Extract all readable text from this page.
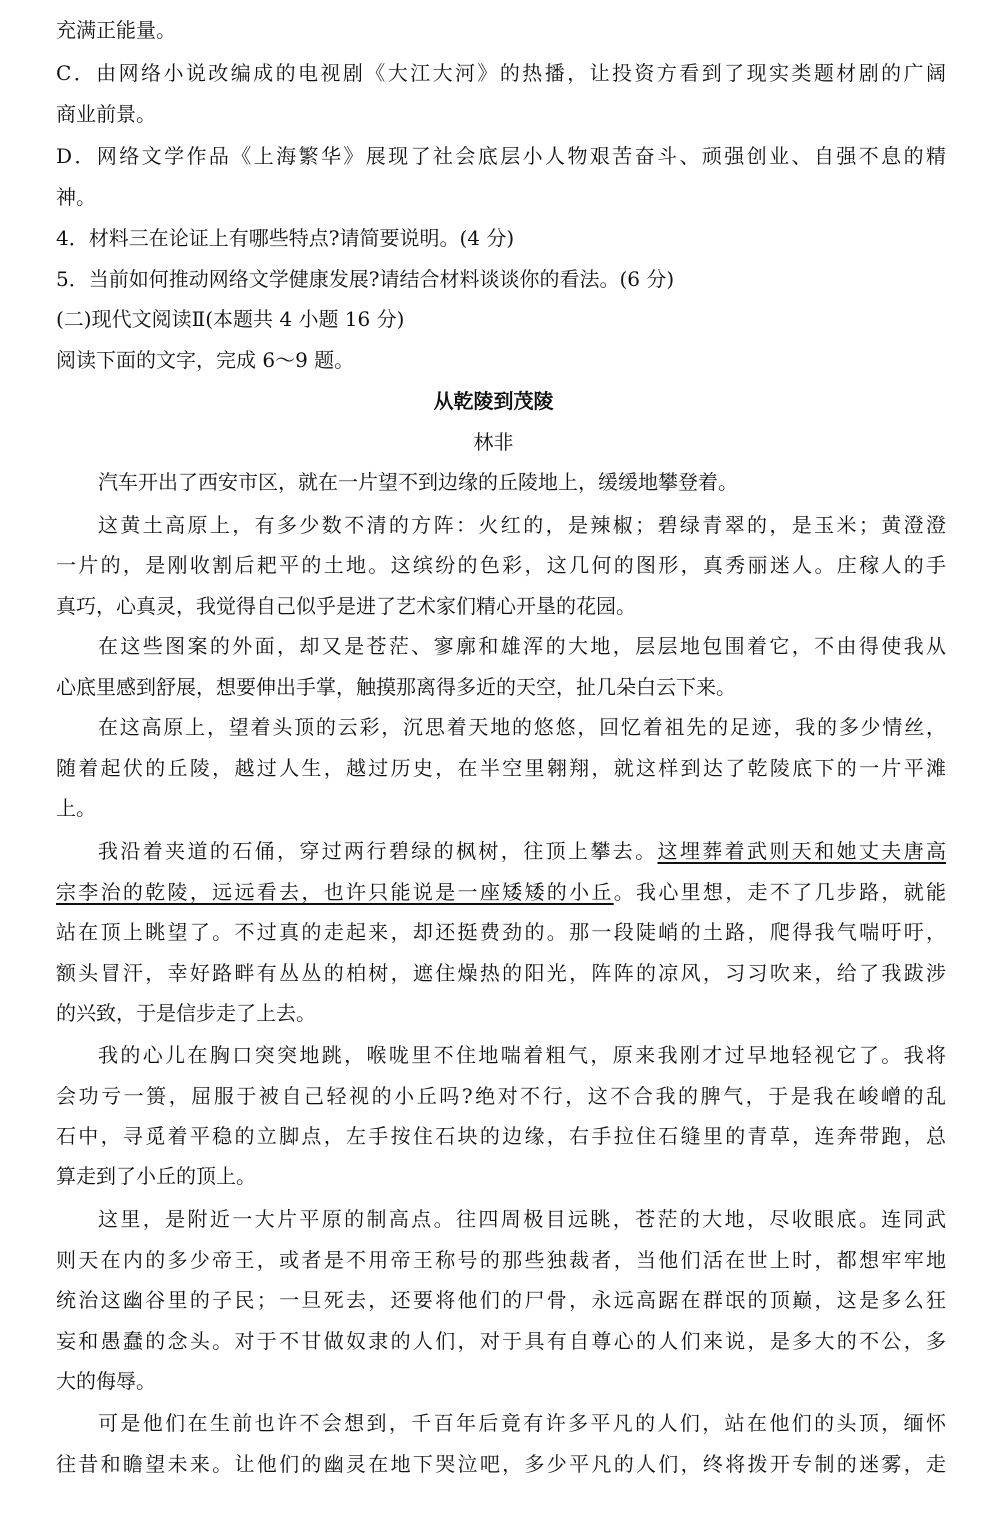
充满正能量。
C．由网络小说改编成的电视剧《大江大河》的热播，让投资方看到了现实类题材剧的广阔
商业前景。
D．网络文学作品《上海繁华》展现了社会底层小人物艰苦奋斗、顽强创业、自强不息的精
神。
4．材料三在论证上有哪些特点?请简要说明。(4 分)
5．当前如何推动网络文学健康发展?请结合材料谈谈你的看法。(6 分)
(二)现代文阅读Ⅱ(本题共 4 小题 16 分)
阅读下面的文字，完成 6～9 题。
从乾陵到茂陵
林非
汽车开出了西安市区，就在一片望不到边缘的丘陵地上，缓缓地攀登着。
这黄土高原上，有多少数不清的方阵：火红的，是辣椒；碧绿青翠的，是玉米；黄澄澄
一片的，是刚收割后耙平的土地。这缤纷的色彩，这几何的图形，真秀丽迷人。庄稼人的手
真巧，心真灵，我觉得自己似乎是进了艺术家们精心开垦的花园。
在这些图案的外面，却又是苍茫、寥廓和雄浑的大地，层层地包围着它，不由得使我从
心底里感到舒展，想要伸出手掌，触摸那离得多近的天空，扯几朵白云下来。
在这高原上，望着头顶的云彩，沉思着天地的悠悠，回忆着祖先的足迹，我的多少情丝，
随着起伏的丘陵，越过人生，越过历史，在半空里翱翔，就这样到达了乾陵底下的一片平滩
上。
我沿着夹道的石俑，穿过两行碧绿的枫树，往顶上攀去。这埋葬着武则天和她丈夫唐高
宗李治的乾陵，远远看去，也许只能说是一座矮矮的小丘。我心里想，走不了几步路，就能
站在顶上眺望了。不过真的走起来，却还挺费劲的。那一段陡峭的土路，爬得我气喘吁吁，
额头冒汗，幸好路畔有丛丛的柏树，遮住燥热的阳光，阵阵的凉风，习习吹来，给了我跋涉
的兴致，于是信步走了上去。
我的心儿在胸口突突地跳，喉咙里不住地喘着粗气，原来我刚才过早地轻视它了。我将
会功亏一篑，屈服于被自己轻视的小丘吗?绝对不行，这不合我的脾气，于是我在峻嶒的乱
石中，寻觅着平稳的立脚点，左手按住石块的边缘，右手拉住石缝里的青草，连奔带跑，总
算走到了小丘的顶上。
这里，是附近一大片平原的制高点。往四周极目远眺，苍茫的大地，尽收眼底。连同武
则天在内的多少帝王，或者是不用帝王称号的那些独裁者，当他们活在世上时，都想牢牢地
统治这幽谷里的子民；一旦死去，还要将他们的尸骨，永远高踞在群氓的顶巅，这是多么狂
妄和愚蠢的念头。对于不甘做奴隶的人们，对于具有自尊心的人们来说，是多大的不公，多
大的侮辱。
可是他们在生前也许不会想到，千百年后竟有许多平凡的人们，站在他们的头顶，缅怀
往昔和瞻望未来。让他们的幽灵在地下哭泣吧，多少平凡的人们，终将拨开专制的迷雾，走
